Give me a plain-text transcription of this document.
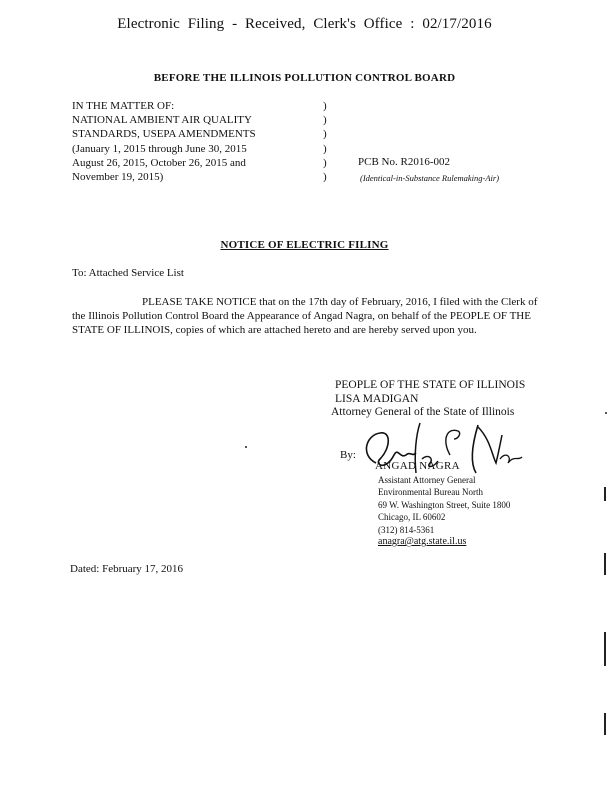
Electronic Filing - Received, Clerk's Office : 02/17/2016
BEFORE THE ILLINOIS POLLUTION CONTROL BOARD
IN THE MATTER OF:
NATIONAL AMBIENT AIR QUALITY
STANDARDS, USEPA AMENDMENTS
(January 1, 2015 through June 30, 2015
August 26, 2015, October 26, 2015 and
November 19, 2015)
)
)
)
)
)
)
PCB No. R2016-002
(Identical-in-Substance Rulemaking-Air)
NOTICE OF ELECTRIC FILING
To: Attached Service List
PLEASE TAKE NOTICE that on the 17th day of February, 2016, I filed with the Clerk of the Illinois Pollution Control Board the Appearance of Angad Nagra, on behalf of the PEOPLE OF THE STATE OF ILLINOIS, copies of which are attached hereto and are hereby served upon you.
PEOPLE OF THE STATE OF ILLINOIS
LISA MADIGAN
Attorney General of the State of Illinois
By:
ANGAD NAGRA
Assistant Attorney General
Environmental Bureau North
69 W. Washington Street, Suite 1800
Chicago, IL 60602
(312) 814-5361
anagra@atg.state.il.us
Dated: February 17, 2016
